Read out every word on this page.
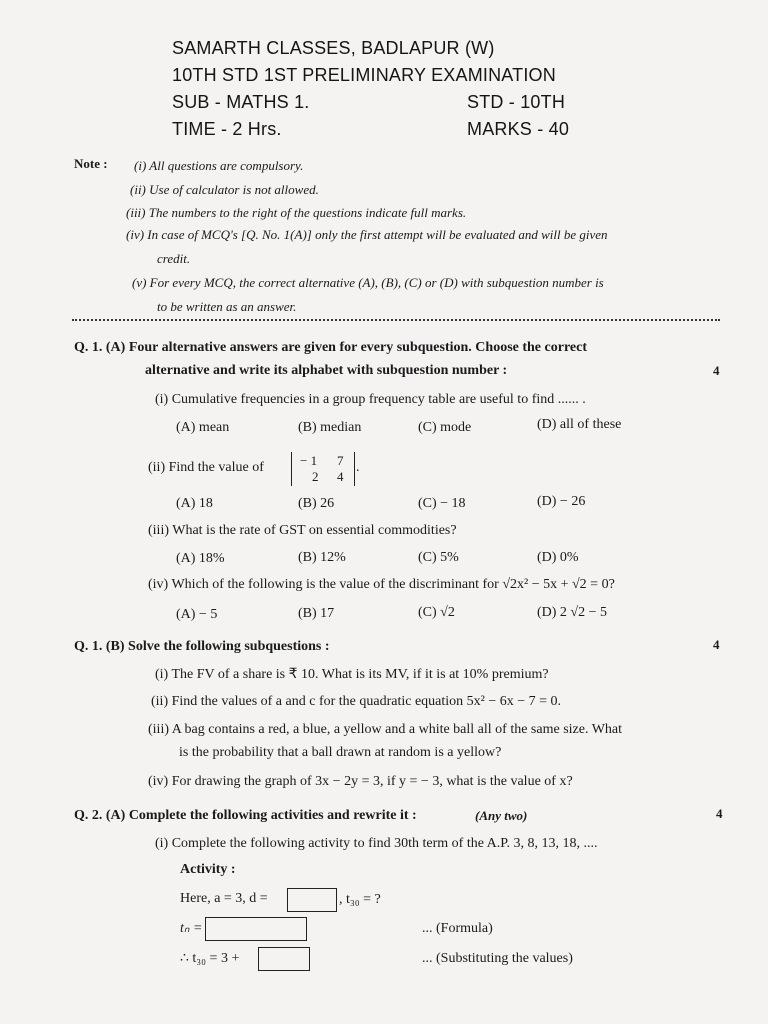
SAMARTH CLASSES, BADLAPUR (W)
10TH STD 1ST PRELIMINARY EXAMINATION
SUB - MATHS 1.	STD - 10TH
TIME - 2 Hrs.	MARKS - 40
Note : (i) All questions are compulsory.
(ii) Use of calculator is not allowed.
(iii) The numbers to the right of the questions indicate full marks.
(iv) In case of MCQ's [Q. No. 1(A)] only the first attempt will be evaluated and will be given
credit.
(v) For every MCQ, the correct alternative (A), (B), (C) or (D) with subquestion number is
to be written as an answer.
Q. 1. (A) Four alternative answers are given for every subquestion. Choose the correct
alternative and write its alphabet with subquestion number :	4
(i) Cumulative frequencies in a group frequency table are useful to find ...... .
(A) mean	(B) median	(C) mode	(D) all of these
(ii) Find the value of	− 1 7
2 4
.
(A) 18	(B) 26	(C) − 18	(D) − 26
(iii) What is the rate of GST on essential commodities?
(A) 18%	(B) 12%	(C) 5%	(D) 0%
(iv) Which of the following is the value of the discriminant for √2x² − 5x + √2 = 0?
(A) − 5	(B) 17	(C) √2	(D) 2 √2 − 5
Q. 1. (B) Solve the following subquestions :	4
(i) The FV of a share is ₹ 10. What is its MV, if it is at 10% premium?
(ii) Find the values of a and c for the quadratic equation 5x² − 6x − 7 = 0.
(iii) A bag contains a red, a blue, a yellow and a white ball all of the same size. What
is the probability that a ball drawn at random is a yellow?
(iv) For drawing the graph of 3x − 2y = 3, if y = − 3, what is the value of x?
Q. 2. (A) Complete the following activities and rewrite it :	(Any two)	4
(i) Complete the following activity to find 30th term of the A.P. 3, 8, 13, 18, ....
Activity :
Here, a = 3, d =	, t₃₀ = ?
tₙ =	... (Formula)
∴ t₃₀ = 3 +	... (Substituting the values)
